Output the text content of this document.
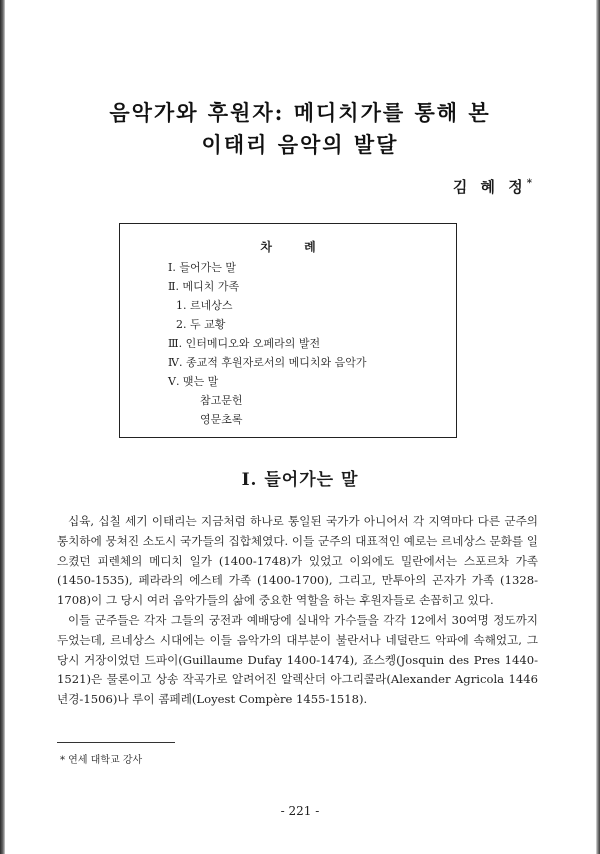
음악가와 후원자: 메디치가를 통해 본
이태리 음악의 발달
김 혜 정*
차 례
Ⅰ. 들어가는 말
Ⅱ. 메디치 가족
1. 르네상스
2. 두 교황
Ⅲ. 인터메디오와 오페라의 발전
Ⅳ. 종교적 후원자로서의 메디치와 음악가
Ⅴ. 맺는 말
참고문헌
영문초록
Ⅰ. 들어가는 말
십육, 십칠 세기 이태리는 지금처럼 하나로 통일된 국가가 아니어서 각 지역마다 다른 군주의 통치하에 뭉쳐진 소도시 국가들의 집합체였다. 이들 군주의 대표적인 예로는 르네상스 문화를 일으켰던 피렌체의 메디치 일가 (1400-1748)가 있었고 이외에도 밀란에서는 스포르차 가족 (1450-1535), 페라라의 에스테 가족 (1400-1700), 그리고, 만투아의 곤자가 가족 (1328-1708)이 그 당시 여러 음악가들의 삶에 중요한 역할을 하는 후원자들로 손꼽히고 있다.
이들 군주들은 각자 그들의 궁전과 예배당에 실내악 가수들을 각각 12에서 30여명 정도까지 두었는데, 르네상스 시대에는 이들 음악가의 대부분이 불란서나 네덜란드 악파에 속해었고, 그 당시 거장이었던 드파이(Guillaume Dufay 1400-1474), 죠스켕(Josquin des Pres 1440-1521)은 물론이고 상송 작곡가로 알려어진 알렉산더 아그리콜라(Alexander Agricola 1446년경-1506)나 루이 콤페레(Loyest Compère 1455-1518).
* 연세 대학교 강사
- 221 -
